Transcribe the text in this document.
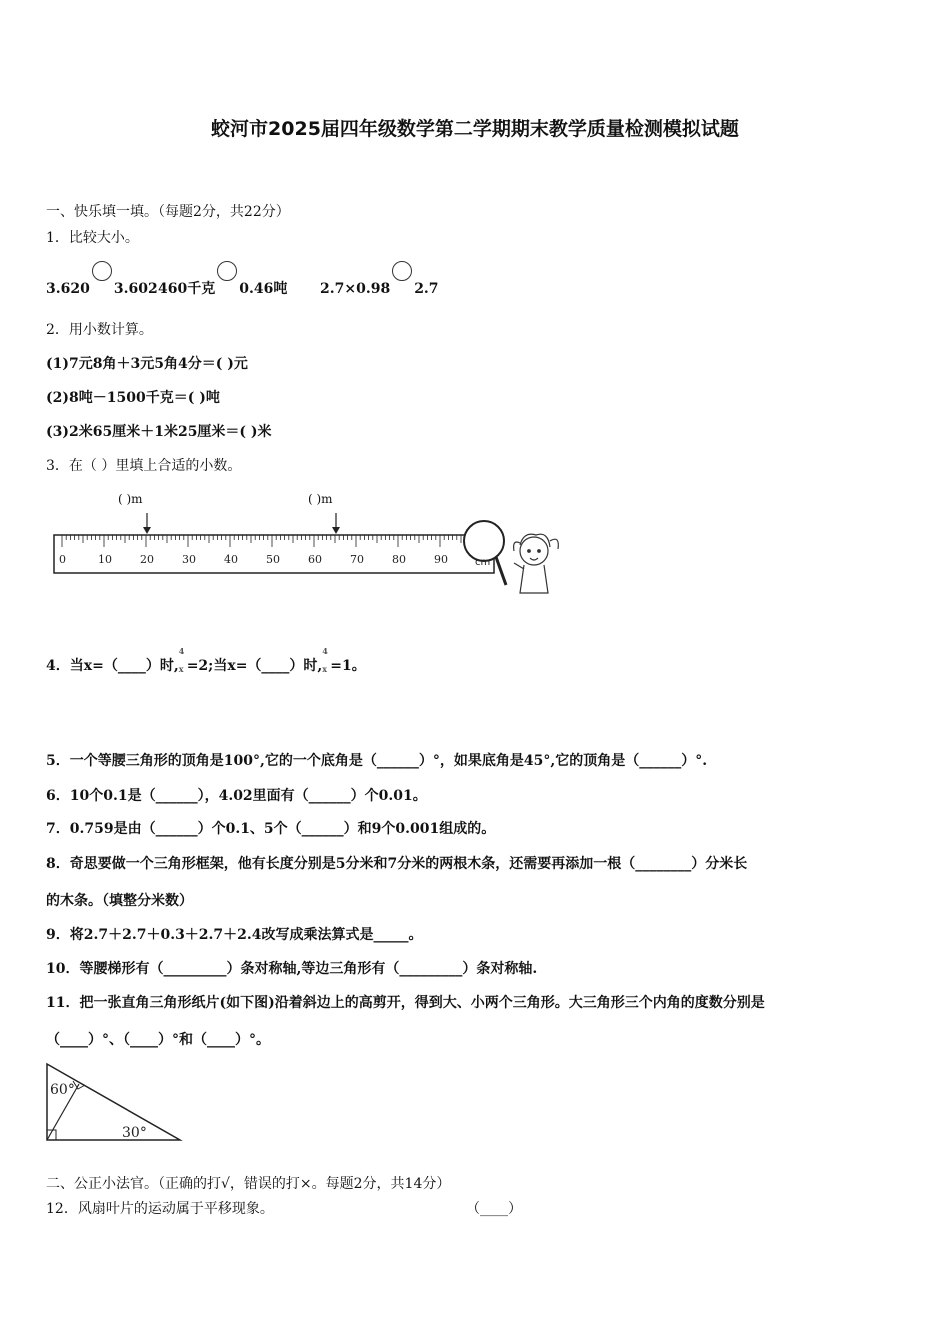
蛟河市2025届四年级数学第二学期期末教学质量检测模拟试题
一、快乐填一填。（每题2分，共22分）
1．比较大小。
3.620 3.602 460千克 0.46吨 2.7×0.98 2.7
2．用小数计算。
(1)7元8角＋3元5角4分＝( )元
(2)8吨－1500千克＝( )吨
(3)2米65厘米＋1米25厘米＝( )米
3．在（ ）里填上合适的小数。
( )m	( )m
0	10	20	30	40	50	60	70	80	90	cm
4．当x=（____）时,
4
x =2;当x=（____）时,
4
x =1。
5．一个等腰三角形的顶角是100°,它的一个底角是（______）°，如果底角是45°,它的顶角是（______）°.
6．10个0.1是（______），4.02里面有（______）个0.01。
7．0.759是由（______）个0.1、5个（______）和9个0.001组成的。
8．奇思要做一个三角形框架，他有长度分别是5分米和7分米的两根木条，还需要再添加一根（________）分米长
的木条。（填整分米数）
9．将2.7＋2.7＋0.3＋2.7＋2.4改写成乘法算式是_____。
10．等腰梯形有（_________）条对称轴,等边三角形有（_________）条对称轴.
11．把一张直角三角形纸片(如下图)沿着斜边上的高剪开，得到大、小两个三角形。大三角形三个内角的度数分别是
（____）°、（____）°和（____）°。
60°
30°
二、公正小法官。（正确的打√，错误的打×。每题2分，共14分）
12．风扇叶片的运动属于平移现象。	（____）
